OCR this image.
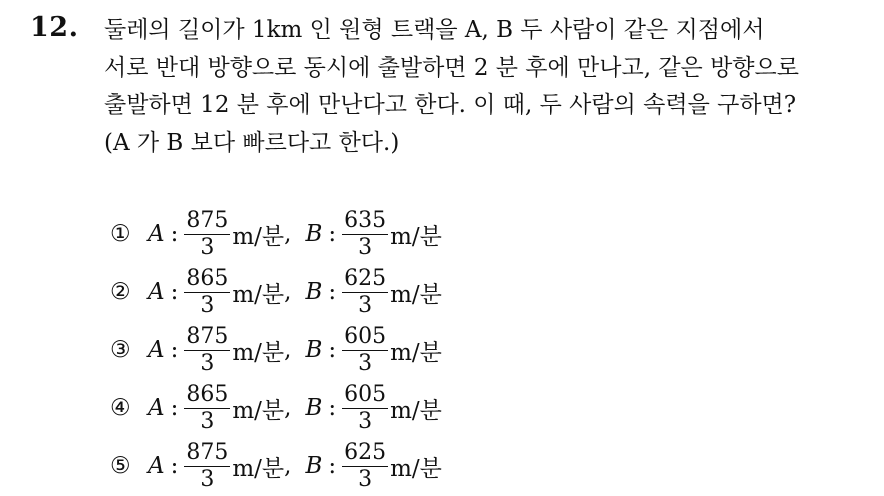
12. 둘레의 길이가 1km 인 원형 트랙을 A, B 두 사람이 같은 지점에서
서로 반대 방향으로 동시에 출발하면 2 분 후에 만나고, 같은 방향으로
출발하면 12 분 후에 만난다고 한다. 이 때, 두 사람의 속력을 구하면?
(A 가 B 보다 빠르다고 한다.)

① A : $\frac{875}{3} m/$분 , B : $\frac{635}{3} m/$분
② A : $\frac{865}{3} m/$분 , B : $\frac{625}{3} m/$분
③ A : $\frac{875}{3} m/$분 , B : $\frac{605}{3} m/$분
④ A : $\frac{865}{3} m/$분 , B : $\frac{605}{3} m/$분
⑤ A : $\frac{875}{3} m/$분 , B : $\frac{625}{3} m/$분
